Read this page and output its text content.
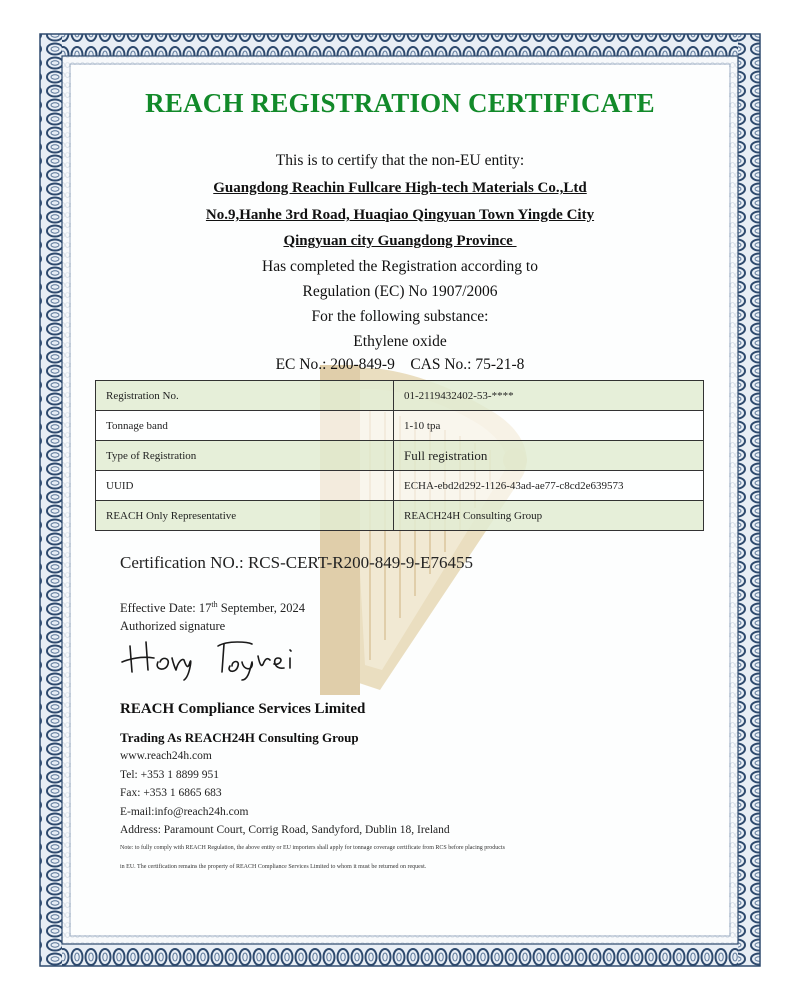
REACH REGISTRATION CERTIFICATE
This is to certify that the non-EU entity:
Guangdong Reachin Fullcare High-tech Materials Co.,Ltd
No.9,Hanhe 3rd Road, Huaqiao Qingyuan Town Yingde City
Qingyuan city Guangdong Province
Has completed the Registration according to
Regulation (EC) No 1907/2006
For the following substance:
Ethylene oxide
EC No.: 200-849-9    CAS No.: 75-21-8
Registration No.	01-2119432402-53-****
Tonnage band	1-10 tpa
Type of Registration	Full registration
UUID	ECHA-ebd2d292-1126-43ad-ae77-c8cd2e639573
REACH Only Representative	REACH24H Consulting Group
Certification NO.: RCS-CERT-R200-849-9-E76455
Effective Date: 17th September, 2024
Authorized signature
REACH Compliance Services Limited
Trading As REACH24H Consulting Group
www.reach24h.com
Tel: +353 1 8899 951
Fax: +353 1 6865 683
E-mail:info@reach24h.com
Address: Paramount Court, Corrig Road, Sandyford, Dublin 18, Ireland
Note: to fully comply with REACH Regulation, the above entity or EU importers shall apply for tonnage coverage certificate from RCS before placing products
in EU. The certification remains the property of REACH Compliance Services Limited to whom it must be returned on request.
